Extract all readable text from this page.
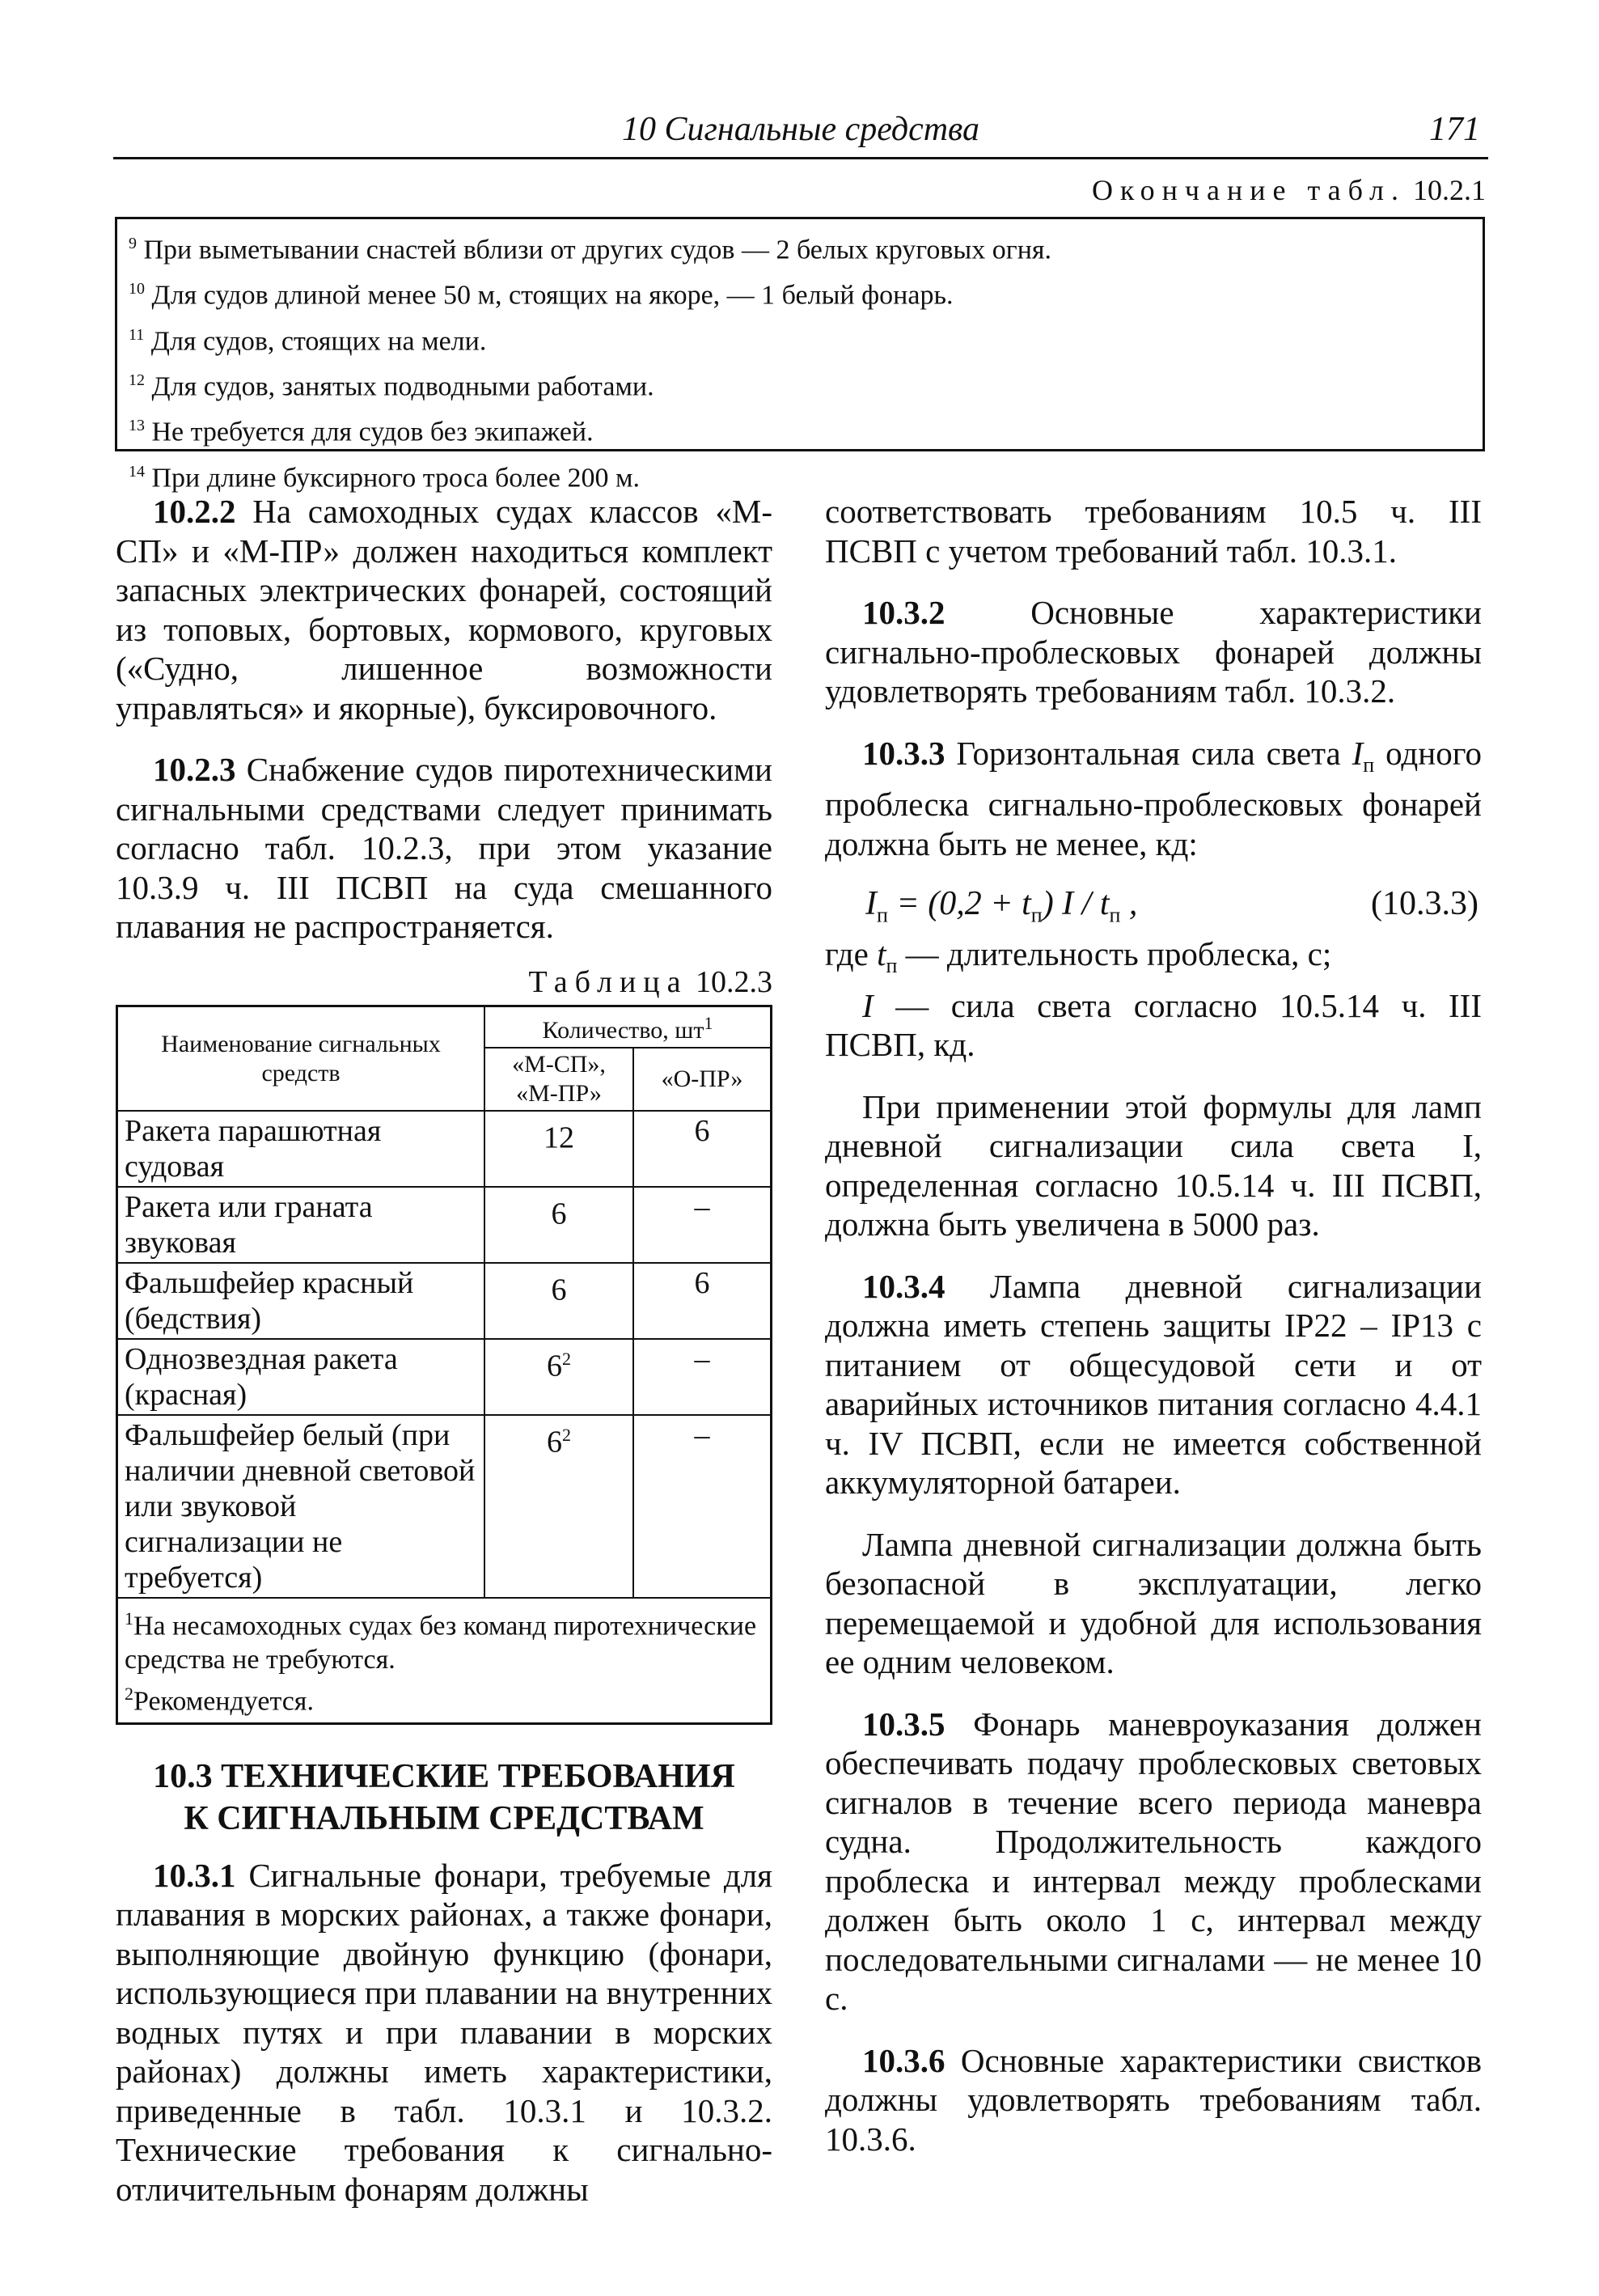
10 Сигнальные средства	171
Окончание табл. 10.2.1
$^9$ При выметывании снастей вблизи от других судов — 2 белых круговых огня.
$^{10}$ Для судов длиной менее 50 м, стоящих на якоре, — 1 белый фонарь.
$^{11}$ Для судов, стоящих на мели.
$^{12}$ Для судов, занятых подводными работами.
$^{13}$ Не требуется для судов без экипажей.
$^{14}$ При длине буксирного троса более 200 м.

10.2.2 На самоходных судах классов «М-СП» и «М-ПР» должен находиться комплект запасных электрических фонарей, состоящий из топовых, бортовых, кормового, круговых («Судно, лишенное возможности управляться» и якорные), буксировочного.

10.2.3 Снабжение судов пиротехническими сигнальными средствами следует принимать согласно табл. 10.2.3, при этом указание 10.3.9 ч. III ПСВП на суда смешанного плавания не распространяется.

Таблица 10.2.3
Наименование сигнальных средств	Количество, $шт^1$
	«М-СП», «М-ПР»	«О-ПР»
Ракета парашютная судовая	12	6
Ракета или граната звуковая	6	–
Фальшфейер красный (бедствия)	6	6
Однозвездная ракета (красная)	$6^2$	–
Фальшфейер белый (при наличии дневной световой или звуковой сигнализации не требуется)	$6^2$	–

$^1$На несамоходных судах без команд пиротехнические средства не требуются.
$^2$Рекомендуется.		
10.3 ТЕХНИЧЕСКИЕ ТРЕБОВАНИЯ
К СИГНАЛЬНЫМ СРЕДСТВАМ

10.3.1 Сигнальные фонари, требуемые для плавания в морских районах, а также фонари, выполняющие двойную функцию (фонари, использующиеся при плавании на внутренних водных путях и при плавании в морских районах) должны иметь характеристики, приведенные в табл. 10.3.1 и 10.3.2. Технические требования к сигнально-отличительным фонарям должны

соответствовать требованиям 10.5 ч. III ПСВП с учетом требований табл. 10.3.1.

10.3.2	Основные характеристики сигнально-проблесковых фонарей должны удовлетворять требованиям табл. 10.3.2.

10.3.3 Горизонтальная сила света $I_п$ одного проблеска сигнально-проблесковых фонарей должна быть не менее, кд:

$I_п = (0,2 + t_п)$ I / $t_п$ ,	(10.3.3)

где $t_п$ — длительность проблеска, с;

I — сила света согласно 10.5.14 ч. III ПСВП, кд.

При применении этой формулы для ламп дневной сигнализации сила света I, определенная согласно 10.5.14 ч. III ПСВП, должна быть увеличена в 5000 раз.

10.3.4 Лампа дневной сигнализации должна иметь степень защиты IP22 – IP13 с питанием от общесудовой сети и от аварийных источников питания согласно 4.4.1 ч. IV ПСВП, если не имеется собственной аккумуляторной батареи.

Лампа дневной сигнализации должна быть безопасной в эксплуатации, легко перемещаемой и удобной для использования ее одним человеком.

10.3.5 Фонарь маневроуказания должен обеспечивать подачу проблесковых световых сигналов в течение всего периода маневра судна. Продолжительность каждого проблеска и интервал между проблесками должен быть около 1 с, интервал между последовательными сигналами — не менее 10 с.

10.3.6 Основные характеристики свистков должны удовлетворять требованиям табл. 10.3.6.
